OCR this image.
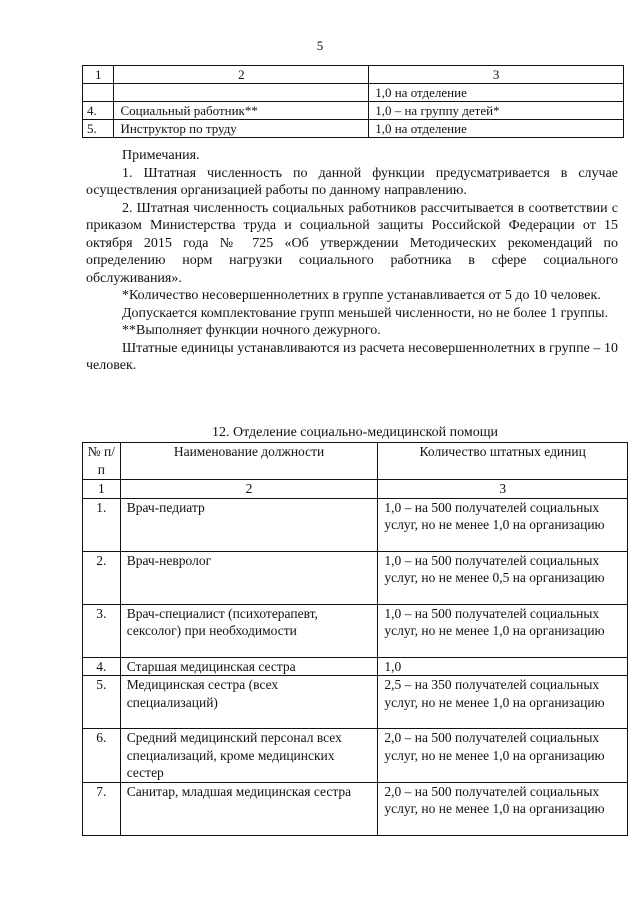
5
1	2	3
		1,0 на отделение
4.	Социальный работник**	1,0 – на группу детей*
5.	Инструктор по труду	1,0 на отделение

Примечания.

1. Штатная численность по данной функции предусматривается в случае осуществления организацией работы по данному направлению.

2. Штатная численность социальных работников рассчитывается в соответствии с приказом Министерства труда и социальной защиты Российской Федерации от 15 октября 2015 года № 725 «Об утверждении Методических рекомендаций по определению норм нагрузки социального работника в сфере социального обслуживания».

*Количество несовершеннолетних в группе устанавливается от 5 до 10 человек.

Допускается комплектование групп меньшей численности, но не более 1 группы.

**Выполняет функции ночного дежурного.

Штатные единицы устанавливаются из расчета несовершеннолетних в группе – 10 человек.

12. Отделение социально-медицинской помощи
№ п/п	Наименование должности	Количество штатных единиц
1	2	3
1.	Врач-педиатр	1,0 – на 500 получателей социальных услуг, но не менее 1,0 на организацию
2.	Врач-невролог	1,0 – на 500 получателей социальных услуг, но не менее 0,5 на организацию
3.	Врач-специалист (психотерапевт, сексолог) при необходимости	1,0 – на 500 получателей социальных услуг, но не менее 1,0 на организацию
4.	Старшая медицинская сестра	1,0
5.	Медицинская сестра (всех специализаций)	2,5 – на 350 получателей социальных услуг, но не менее 1,0 на организацию
6.	Средний медицинский персонал всех специализаций, кроме медицинских сестер	2,0 – на 500 получателей социальных услуг, но не менее 1,0 на организацию
7.	Санитар, младшая медицинская сестра	2,0 – на 500 получателей социальных услуг, но не менее 1,0 на организацию
